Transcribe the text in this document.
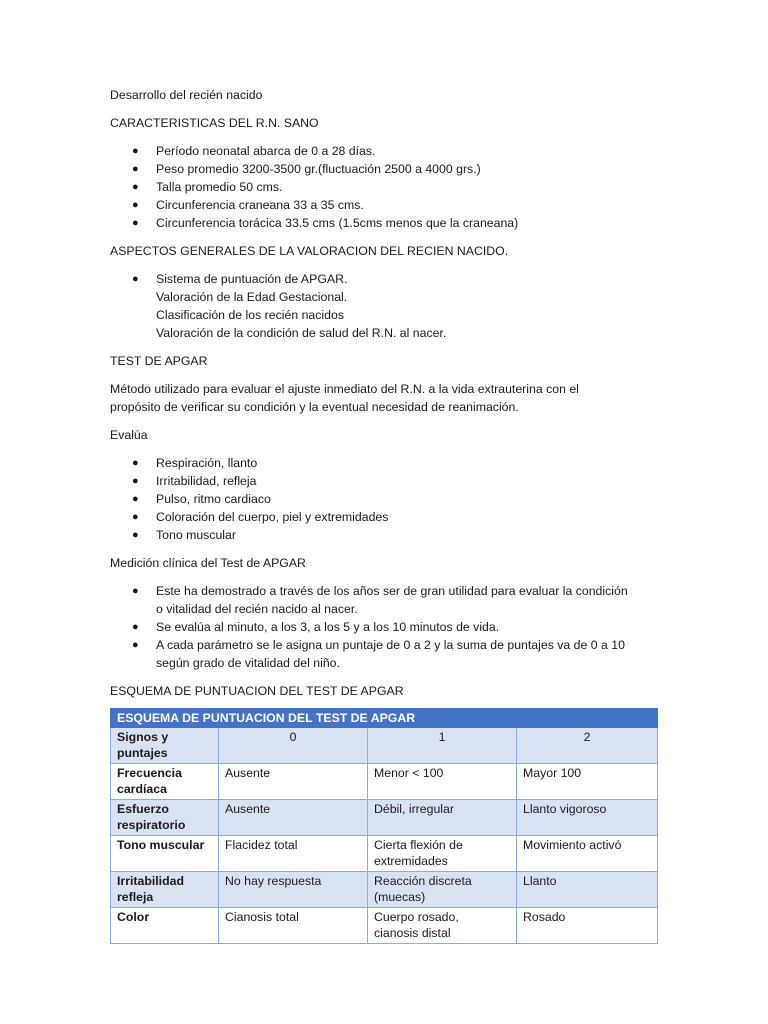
Desarrollo del recién nacido

CARACTERISTICAS DEL R.N. SANO

● Período neonatal abarca de 0 a 28 días.
● Peso promedio 3200-3500 gr.(fluctuación 2500 a 4000 grs.)
● Talla promedio 50 cms.
● Circunferencia craneana 33 a 35 cms.
● Circunferencia torácica 33.5 cms (1.5cms menos que la craneana)

ASPECTOS GENERALES DE LA VALORACION DEL RECIEN NACIDO.

● Sistema de puntuación de APGAR.

Valoración de la Edad Gestacional.

Clasificación de los recién nacidos

Valoración de la condición de salud del R.N. al nacer.

TEST DE APGAR

Método utilizado para evaluar el ajuste inmediato del R.N. a la vida extrauterina con el

propósito de verificar su condición y la eventual necesidad de reanimación.

Evalúa

● Respiración, llanto
● Irritabilidad, refleja
● Pulso, ritmo cardiaco
● Coloración del cuerpo, piel y extremidades
● Tono muscular

Medición clínica del Test de APGAR

● Este ha demostrado a través de los años ser de gran utilidad para evaluar la condición
o vitalidad del recién nacido al nacer.
● Se evalúa al minuto, a los 3, a los 5 y a los 10 minutos de vida.
● A cada parámetro se le asigna un puntaje de 0 a 2 y la suma de puntajes va de 0 a 10
según grado de vitalidad del niño.

ESQUEMA DE PUNTUACION DEL TEST DE APGAR

ESQUEMA DE PUNTUACION DEL TEST DE APGAR			
Signos y
puntajes	0	1	2
Frecuencia
cardíaca	Ausente	Menor < 100	Mayor 100
Esfuerzo
respiratorio	Ausente	Débil, irregular	Llanto vigoroso
Tono muscular	Flacidez total	Cierta flexión de
extremidades	Movimiento activó
Irritabilidad
refleja	No hay respuesta	Reacción discreta
(muecas)	Llanto
Color	Cianosis total	Cuerpo rosado,
cianosis distal	Rosado
